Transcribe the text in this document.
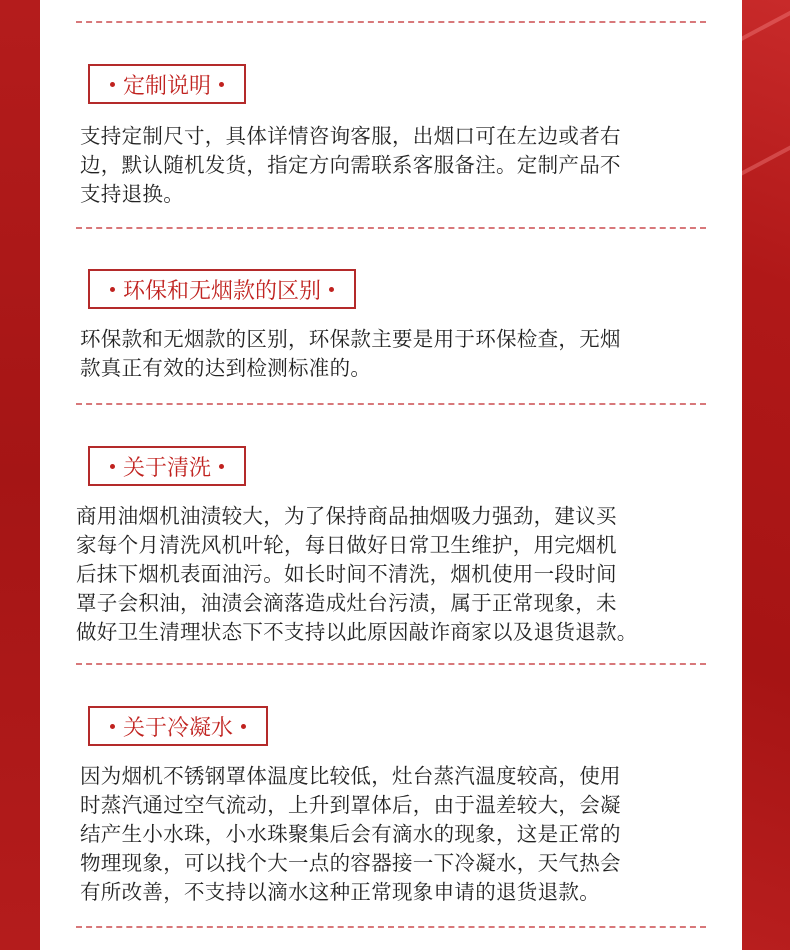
定制说明
支持定制尺寸，具体详情咨询客服，出烟口可在左边或者右
边，默认随机发货，指定方向需联系客服备注。定制产品不
支持退换。
环保和无烟款的区别
环保款和无烟款的区别，环保款主要是用于环保检查，无烟
款真正有效的达到检测标准的。
关于清洗
商用油烟机油渍较大，为了保持商品抽烟吸力强劲，建议买
家每个月清洗风机叶轮，每日做好日常卫生维护，用完烟机
后抹下烟机表面油污。如长时间不清洗，烟机使用一段时间
罩子会积油，油渍会滴落造成灶台污渍，属于正常现象，未
做好卫生清理状态下不支持以此原因敲诈商家以及退货退款。
关于冷凝水
因为烟机不锈钢罩体温度比较低，灶台蒸汽温度较高，使用
时蒸汽通过空气流动，上升到罩体后，由于温差较大，会凝
结产生小水珠，小水珠聚集后会有滴水的现象，这是正常的
物理现象，可以找个大一点的容器接一下冷凝水，天气热会
有所改善，不支持以滴水这种正常现象申请的退货退款。
